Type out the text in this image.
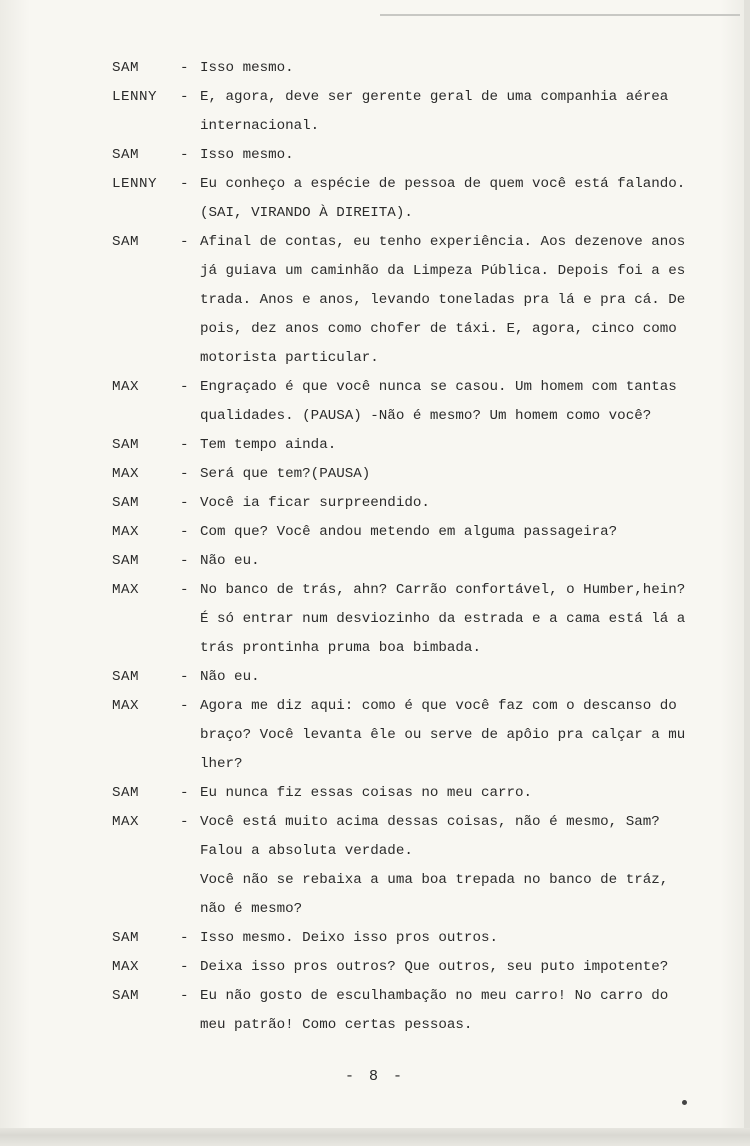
SAM	- Isso mesmo.
LENNY	- E, agora, deve ser gerente geral de uma companhia aérea
internacional.
SAM	- Isso mesmo.
LENNY	- Eu conheço a espécie de pessoa de quem você está falando.
(SAI, VIRANDO À DIREITA).
SAM	- Afinal de contas, eu tenho experiência. Aos dezenove anos
já guiava um caminhão da Limpeza Pública. Depois foi a es
trada. Anos e anos, levando toneladas pra lá e pra cá. De
pois, dez anos como chofer de táxi. E, agora, cinco como
motorista particular.
MAX	- Engraçado é que você nunca se casou. Um homem com tantas
qualidades. (PAUSA) -Não é mesmo? Um homem como você?
SAM	- Tem tempo ainda.
MAX	- Será que tem?(PAUSA)
SAM	- Você ia ficar surpreendido.
MAX	- Com que? Você andou metendo em alguma passageira?
SAM	- Não eu.
MAX	- No banco de trás, ahn? Carrão confortável, o Humber,hein?
É só entrar num desviozinho da estrada e a cama está lá a
trás prontinha pruma boa bimbada.
SAM	- Não eu.
MAX	- Agora me diz aqui: como é que você faz com o descanso do
braço? Você levanta êle ou serve de apôio pra calçar a mu
lher?
SAM	- Eu nunca fiz essas coisas no meu carro.
MAX	- Você está muito acima dessas coisas, não é mesmo, Sam?
Falou a absoluta verdade.
Você não se rebaixa a uma boa trepada no banco de tráz,
não é mesmo?
SAM	- Isso mesmo. Deixo isso pros outros.
MAX	- Deixa isso pros outros? Que outros, seu puto impotente?
SAM	- Eu não gosto de esculhambação no meu carro! No carro do
meu patrão! Como certas pessoas.
- 8 -
